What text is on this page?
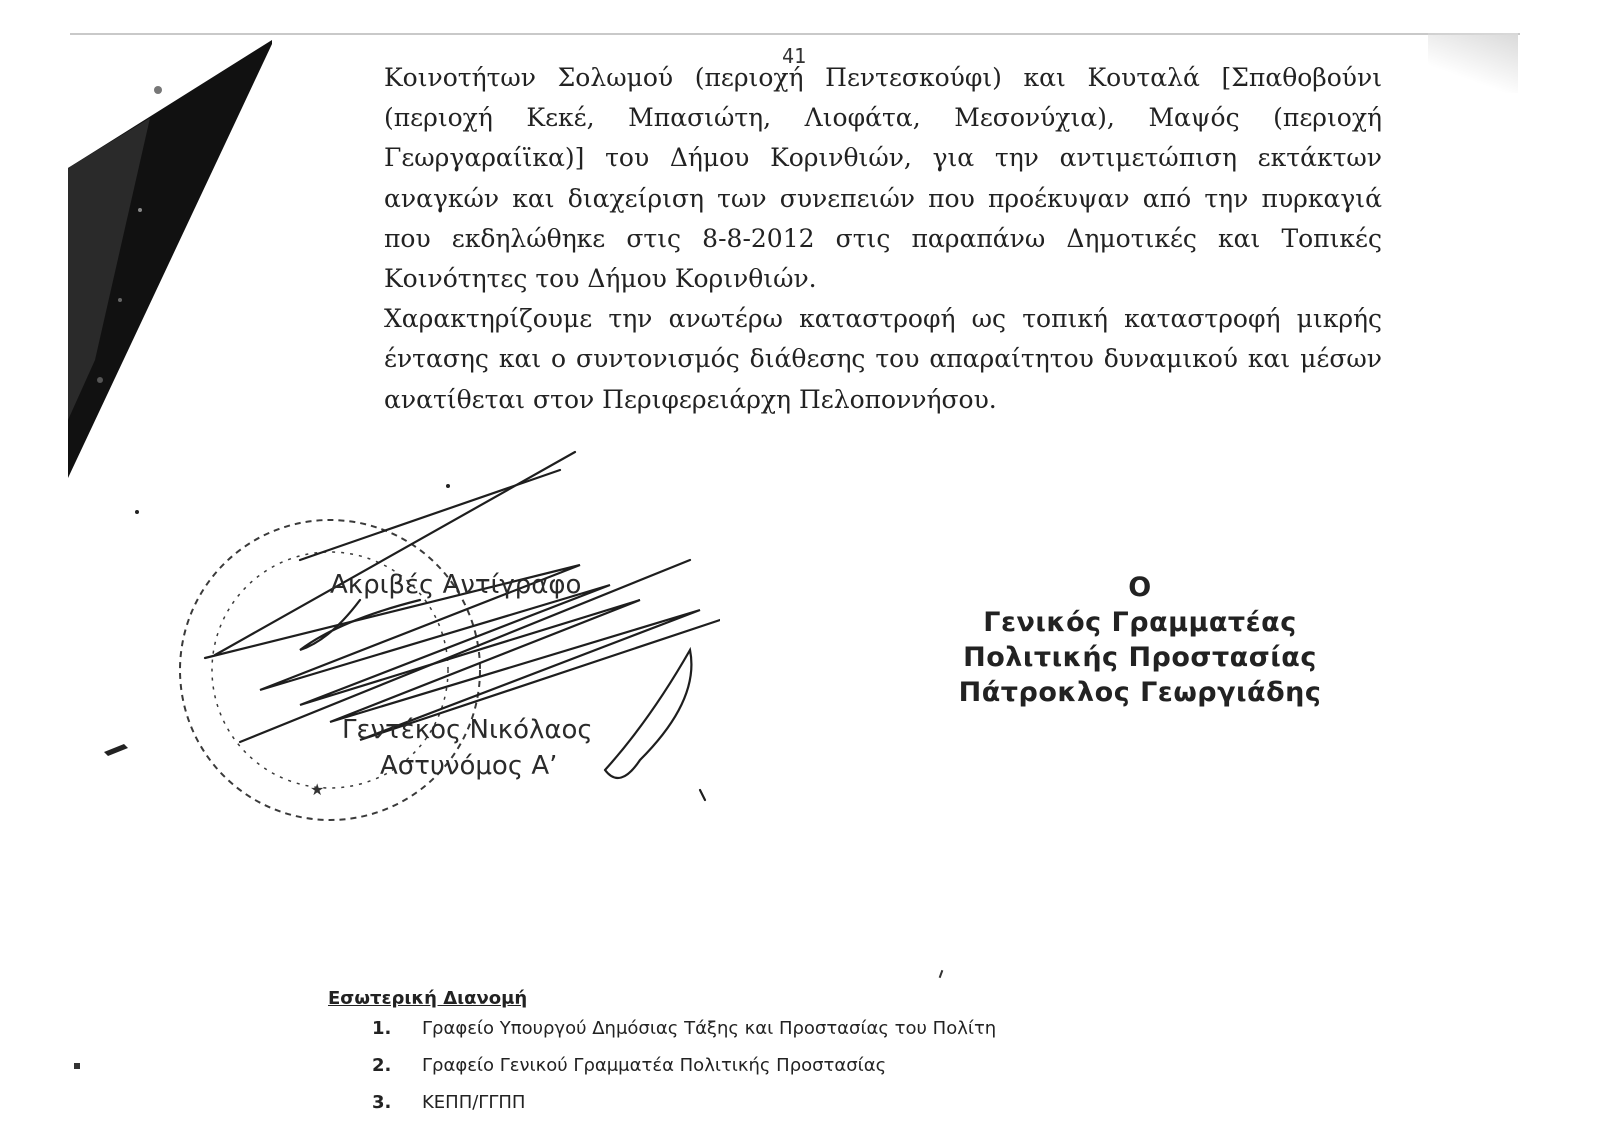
41

Κοινοτήτων Σολωμού (περιοχή Πεντεσκούφι) και Κουταλά [Σπαθοβούνι (περιοχή Κεκέ, Μπασιώτη, Λιοφάτα, Μεσονύχια), Μαψός (περιοχή Γεωργαραίϊκα)] του Δήμου Κορινθιών, για την αντιμετώπιση εκτάκτων αναγκών και διαχείριση των συνεπειών που προέκυψαν από την πυρκαγιά που εκδηλώθηκε στις 8-8-2012 στις παραπάνω Δημοτικές και Τοπικές Κοινότητες του Δήμου Κορινθιών.

Χαρακτηρίζουμε την ανωτέρω καταστροφή ως τοπική καταστροφή μικρής έντασης και ο συντονισμός διάθεσης του απαραίτητου δυναμικού και μέσων ανατίθεται στον Περιφερειάρχη Πελοποννήσου.

★
Ακριβές Αντίγραφο
Γεντέκος Νικόλαος
Αστυνόμος Α’
Ο
Γενικός Γραμματέας
Πολιτικής Προστασίας
Πάτροκλος Γεωργιάδης
Εσωτερική Διανομή
1. Γραφείο Υπουργού Δημόσιας Τάξης και Προστασίας του Πολίτη
2. Γραφείο Γενικού Γραμματέα Πολιτικής Προστασίας
3. ΚΕΠΠ/ΓΓΠΠ
